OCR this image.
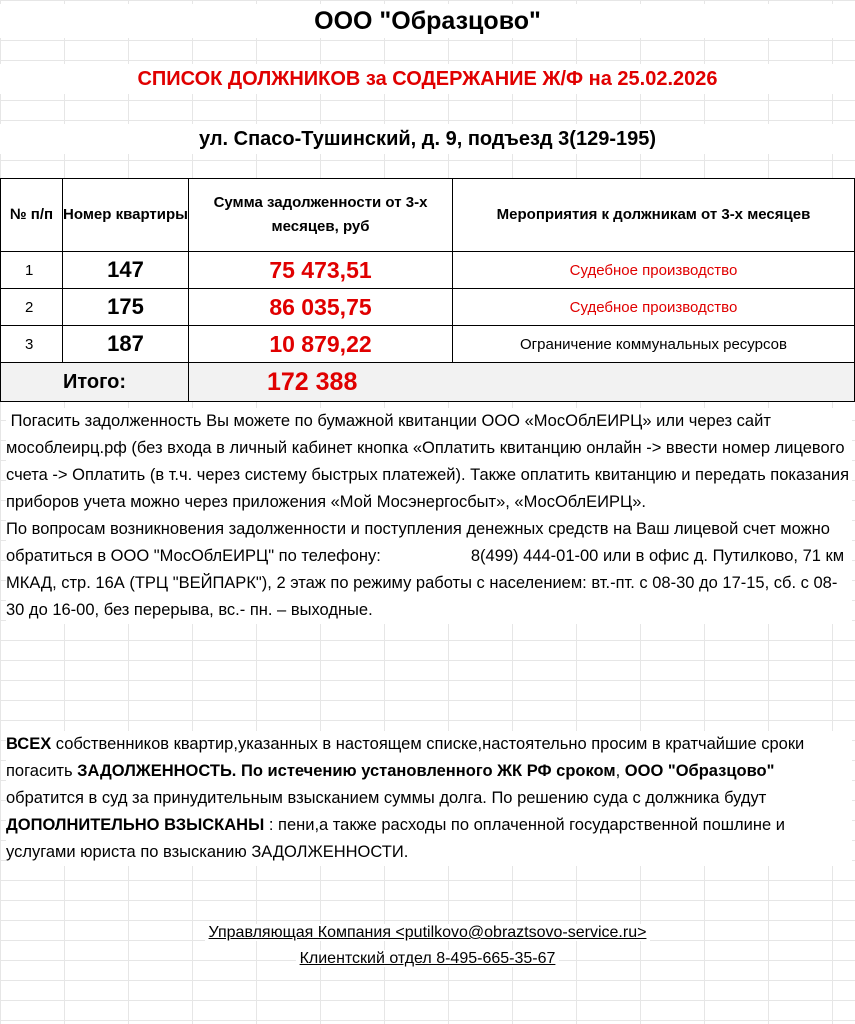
ООО "Образцово"
СПИСОК ДОЛЖНИКОВ за СОДЕРЖАНИЕ Ж/Ф на 25.02.2026
ул. Спасо-Тушинский, д. 9, подъезд 3(129-195)
№ п/п	Номер квартиры	Сумма задолженности от 3-х месяцев, руб	Мероприятия к должникам от 3-х месяцев
1	147	75 473,51	Судебное производство
2	175	86 035,75	Судебное производство
3	187	10 879,22	Ограничение коммунальных ресурсов
Итого:		172 388	

Погасить задолженность Вы можете по бумажной квитанции ООО «МосОблЕИРЦ» или через сайт мособлеирц.рф (без входа в личный кабинет кнопка «Оплатить квитанцию онлайн -> ввести номер лицевого счета -> Оплатить (в т.ч. через систему быстрых платежей). Также оплатить квитанцию и передать показания приборов учета можно через приложения «Мой Мосэнергосбыт», «МосОблЕИРЦ».

По вопросам возникновения задолженности и поступления денежных средств на Ваш лицевой счет можно обратиться в ООО "МосОблЕИРЦ" по телефону:	8(499) 444-01-00 или в офис д. Путилково, 71 км МКАД, стр. 16А (ТРЦ "ВЕЙПАРК"), 2 этаж по режиму работы с населением: вт.-пт. с 08-30 до 17-15, сб. с 08-30 до 16-00, без перерыва, вс.- пн. – выходные.

ВСЕХ собственников квартир,указанных в настоящем списке,настоятельно просим в кратчайшие сроки погасить ЗАДОЛЖЕННОСТЬ. По истечению установленного ЖК РФ сроком, ООО "Образцово" обратится в суд за принудительным взысканием суммы долга. По решению суда с должника будут ДОПОЛНИТЕЛЬНО ВЗЫСКАНЫ : пени,а также расходы по оплаченной государственной пошлине и услугами юриста по взысканию ЗАДОЛЖЕННОСТИ.

Управляющая Компания <putilkovo@obraztsovo-service.ru>
Клиентский отдел 8-495-665-35-67
